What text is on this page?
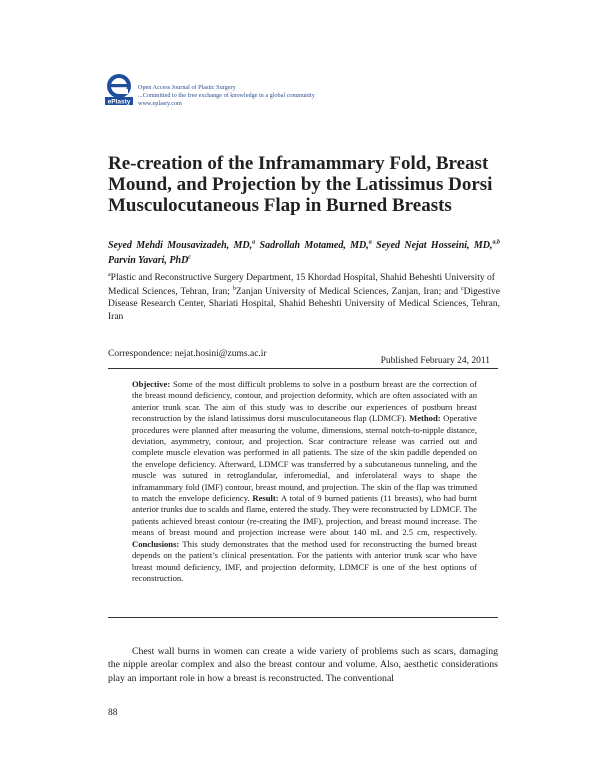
ePlasty
Open Access Journal of Plastic Surgery
...Committed to the free exchange of knowledge in a global community
www.eplasty.com
Re-creation of the Inframammary Fold, Breast Mound, and Projection by the Latissimus Dorsi Musculocutaneous Flap in Burned Breasts
Seyed Mehdi Mousavizadeh, MD,$^a$ Sadrollah Motamed, MD,$^a$ Seyed Nejat Hosseini, MD,$^{a,b}$ Parvin Yavari, PhD$^c$

$^a$Plastic and Reconstructive Surgery Department, 15 Khordad Hospital, Shahid Beheshti University of

Medical Sciences, Tehran, Iran; $^b$Zanjan University of Medical Sciences, Zanjan, Iran; and $^c$Digestive Disease Research Center, Shariati Hospital, Shahid Beheshti University of Medical Sciences, Tehran, Iran

Correspondence: nejat.hosini@zums.ac.ir
Published February 24, 2011
Objective: Some of the most difficult problems to solve in a postburn breast are the correction of the breast mound deficiency, contour, and projection deformity, which are often associated with an anterior trunk scar. The aim of this study was to describe our experiences of postburn breast reconstruction by the island latissimus dorsi musculocutaneous flap (LDMCF). Method: Operative procedures were planned after measuring the volume, dimensions, sternal notch-to-nipple distance, deviation, asymmetry, contour, and projection. Scar contracture release was carried out and complete muscle elevation was performed in all patients. The size of the skin paddle depended on the envelope deficiency. Afterward, LDMCF was transferred by a subcutaneous tunneling, and the muscle was sutured in retroglandular, inferomedial, and inferolateral ways to shape the inframammary fold (IMF) contour, breast mound, and projection. The skin of the flap was trimmed to match the envelope deficiency. Result: A total of 9 burned patients (11 breasts), who had burnt anterior trunks due to scalds and flame, entered the study. They were reconstructed by LDMCF. The patients achieved breast contour (re-creating the IMF), projection, and breast mound increase. The means of breast mound and projection increase were about 140 mL and 2.5 cm, respectively. Conclusions: This study demonstrates that the method used for reconstructing the burned breast depends on the patient’s clinical presentation. For the patients with anterior trunk scar who have breast mound deficiency, IMF, and projection deformity, LDMCF is one of the best options of reconstruction.
Chest wall burns in women can create a wide variety of problems such as scars, damaging the nipple areolar complex and also the breast contour and volume. Also, aesthetic considerations play an important role in how a breast is reconstructed. The conventional
88
